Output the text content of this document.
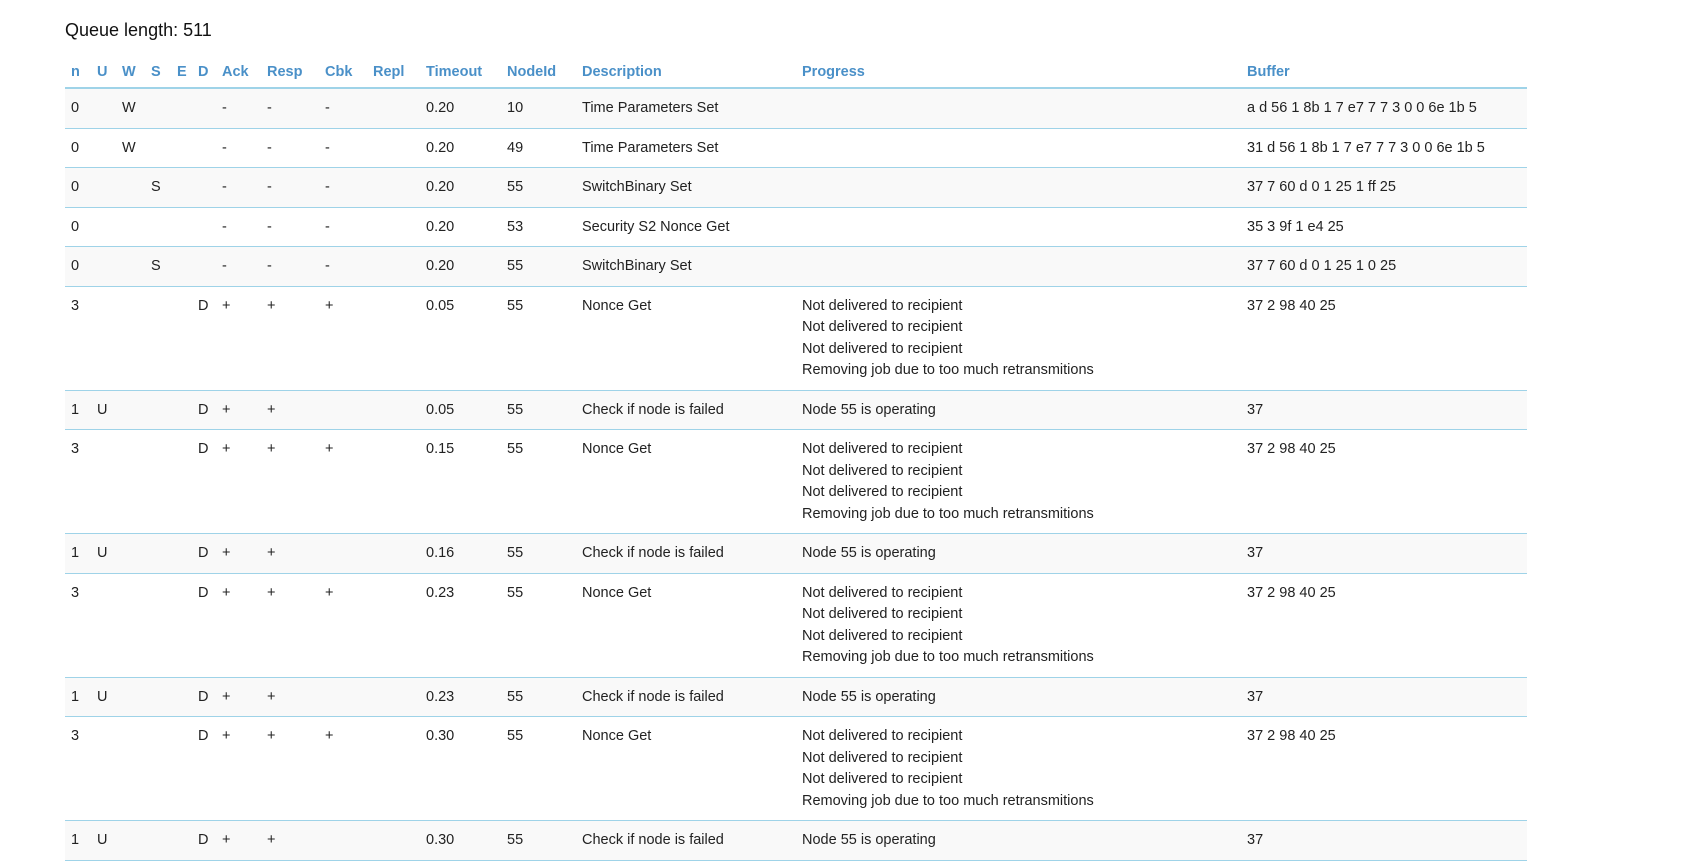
Queue length: 511
n	U	W	S	E	D	Ack	Resp	Cbk	Repl	Timeout	NodeId	Description	Progress	Buffer
0		W				-	-	-		0.20	10	Time Parameters Set		a d 56 1 8b 1 7 e7 7 7 3 0 0 6e 1b 5
0		W				-	-	-		0.20	49	Time Parameters Set		31 d 56 1 8b 1 7 e7 7 7 3 0 0 6e 1b 5
0			S			-	-	-		0.20	55	SwitchBinary Set		37 7 60 d 0 1 25 1 ff 25
0						-	-	-		0.20	53	Security S2 Nonce Get		35 3 9f 1 e4 25
0			S			-	-	-		0.20	55	SwitchBinary Set		37 7 60 d 0 1 25 1 0 25
3					D	+	+	+		0.05	55	Nonce Get	Not delivered to recipient
Not delivered to recipient
Not delivered to recipient
Removing job due to too much retransmitions	37 2 98 40 25
1	U				D	+	+			0.05	55	Check if node is failed	Node 55 is operating	37
3					D	+	+	+		0.15	55	Nonce Get	Not delivered to recipient
Not delivered to recipient
Not delivered to recipient
Removing job due to too much retransmitions	37 2 98 40 25
1	U				D	+	+			0.16	55	Check if node is failed	Node 55 is operating	37
3					D	+	+	+		0.23	55	Nonce Get	Not delivered to recipient
Not delivered to recipient
Not delivered to recipient
Removing job due to too much retransmitions	37 2 98 40 25
1	U				D	+	+			0.23	55	Check if node is failed	Node 55 is operating	37
3					D	+	+	+		0.30	55	Nonce Get	Not delivered to recipient
Not delivered to recipient
Not delivered to recipient
Removing job due to too much retransmitions	37 2 98 40 25
1	U				D	+	+			0.30	55	Check if node is failed	Node 55 is operating	37
